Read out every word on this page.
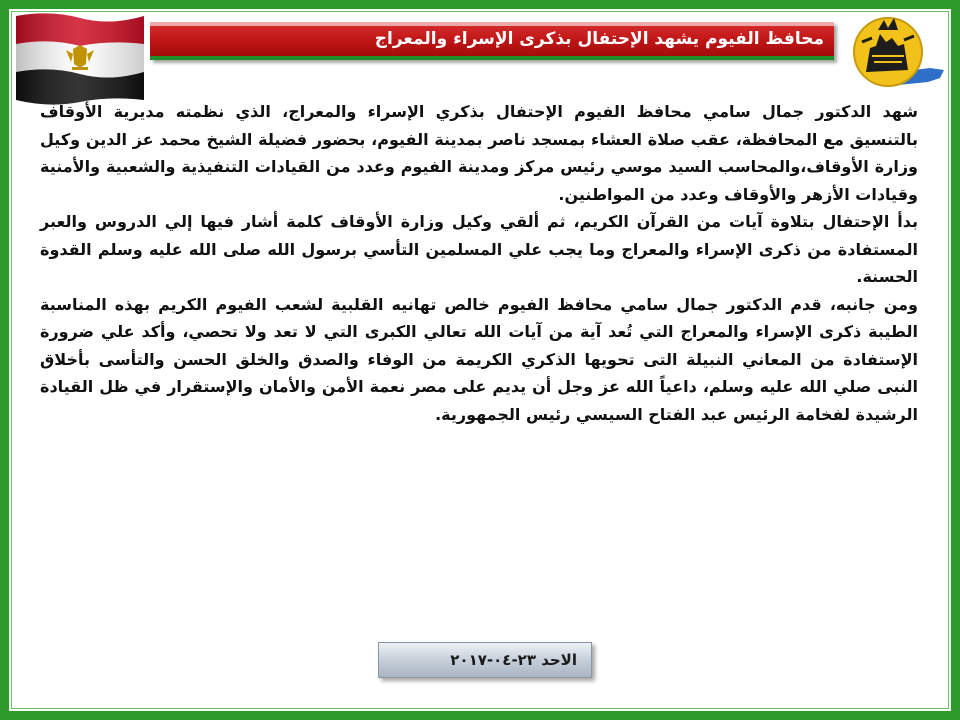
محافظ الفيوم يشهد الإحتفال بذكرى الإسراء والمعراج

شهد الدكتور جمال سامي محافظ الفيوم الإحتفال بذكري الإسراء والمعراج، الذي نظمته مديرية الأوقاف بالتنسيق مع المحافظة، عقب صلاة العشاء بمسجد ناصر بمدينة الفيوم، بحضور فضيلة الشيخ محمد عز الدين وكيل وزارة الأوقاف،والمحاسب السيد موسي رئيس مركز ومدينة الفيوم وعدد من القيادات التنفيذية والشعبية والأمنية وقيادات الأزهر والأوقاف وعدد من المواطنين.

بدأ الإحتفال بتلاوة آيات من القرآن الكريم، ثم ألقي وكيل وزارة الأوقاف كلمة أشار فيها إلي الدروس والعبر المستفادة من ذكرى الإسراء والمعراج وما يجب علي المسلمين التأسي برسول الله صلى الله عليه وسلم القدوة الحسنة.

ومن جانبه، قدم الدكتور جمال سامي محافظ الفيوم خالص تهانيه القلبية لشعب الفيوم الكريم بهذه المناسبة الطيبة ذكرى الإسراء والمعراج التي تُعد آية من آيات الله تعالي الكبرى التي لا تعد ولا تحصي، وأكد علي ضرورة الإستفادة من المعاني النبيلة التى تحويها الذكري الكريمة من الوفاء والصدق والخلق الحسن والتأسى بأخلاق النبى صلي الله عليه وسلم، داعياً الله عز وجل أن يديم على مصر نعمة الأمن والأمان والإستقرار في ظل القيادة الرشيدة لفخامة الرئيس عبد الفتاح السيسي رئيس الجمهورية.

الاحد ٢٣-٠٤-٢٠١٧
